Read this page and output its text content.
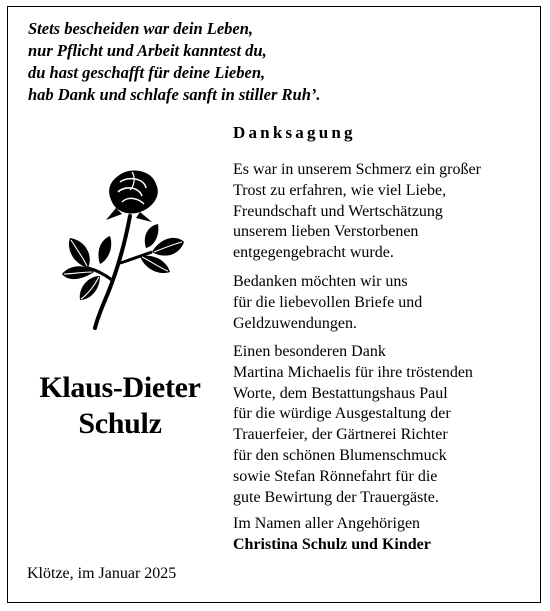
Stets bescheiden war dein Leben,
nur Pflicht und Arbeit kanntest du,
du hast geschafft für deine Lieben,
hab Dank und schlafe sanft in stiller Ruh’.
Danksagung
Es war in unserem Schmerz ein großer
Trost zu erfahren, wie viel Liebe,
Freundschaft und Wertschätzung
unserem lieben Verstorbenen
entgegengebracht wurde.
Bedanken möchten wir uns
für die liebevollen Briefe und
Geldzuwendungen.
Einen besonderen Dank
Martina Michaelis für ihre tröstenden
Worte, dem Bestattungshaus Paul
für die würdige Ausgestaltung der
Trauerfeier, der Gärtnerei Richter
für den schönen Blumenschmuck
sowie Stefan Rönnefahrt für die
gute Bewirtung der Trauergäste.
Im Namen aller Angehörigen
Christina Schulz und Kinder
Klaus-Dieter
Schulz
Klötze, im Januar 2025
